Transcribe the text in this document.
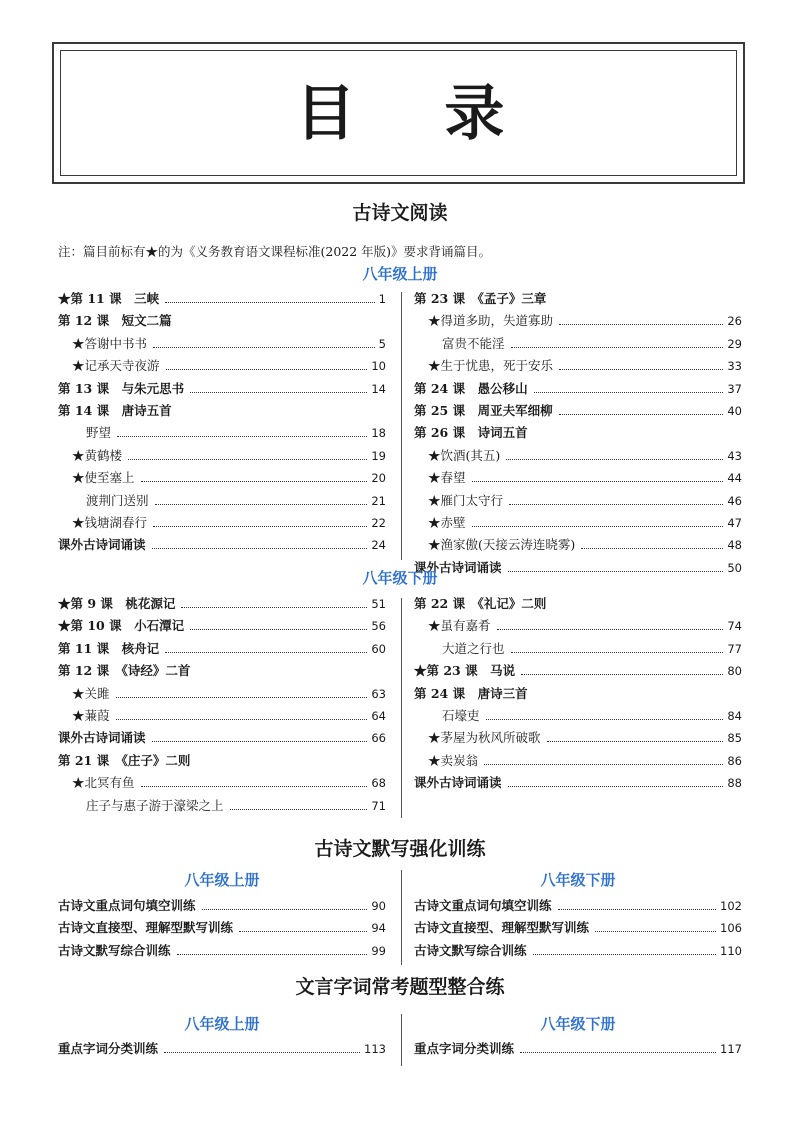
目 录
古诗文阅读
注：篇目前标有★的为《义务教育语文课程标准(2022 年版)》要求背诵篇目。
八年级上册
★第 11 课　三峡	1
第 12 课　短文二篇
★答谢中书书	5
★记承天寺夜游	10
第 13 课　与朱元思书	14
第 14 课　唐诗五首
野望	18
★黄鹤楼	19
★使至塞上	20
渡荆门送别	21
★钱塘湖春行	22
课外古诗词诵读	24
第 23 课　《孟子》三章
★得道多助，失道寡助	26
富贵不能淫	29
★生于忧患，死于安乐	33
第 24 课　愚公移山	37
第 25 课　周亚夫军细柳	40
第 26 课　诗词五首
★饮酒(其五)	43
★春望	44
★雁门太守行	46
★赤壁	47
★渔家傲(天接云涛连晓雾)	48
课外古诗词诵读	50
八年级下册
★第 9 课　桃花源记	51
★第 10 课　小石潭记	56
第 11 课　核舟记	60
第 12 课　《诗经》二首
★关雎	63
★蒹葭	64
课外古诗词诵读	66
第 21 课　《庄子》二则
★北冥有鱼	68
庄子与惠子游于濠梁之上	71
第 22 课　《礼记》二则
★虽有嘉肴	74
大道之行也	77
★第 23 课　马说	80
第 24 课　唐诗三首
石壕吏	84
★茅屋为秋风所破歌	85
★卖炭翁	86
课外古诗词诵读	88
古诗文默写强化训练
八年级上册	八年级下册
古诗文重点词句填空训练	90
古诗文直接型、理解型默写训练	94
古诗文默写综合训练	99
古诗文重点词句填空训练	102
古诗文直接型、理解型默写训练	106
古诗文默写综合训练	110
文言字词常考题型整合练
八年级上册	八年级下册
重点字词分类训练	113 重点字词分类训练	117
